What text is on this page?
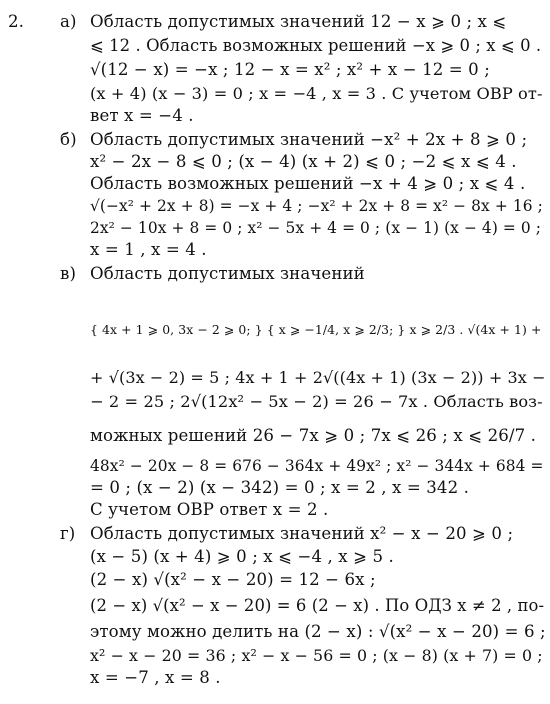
2. а) Область допустимых значений 12 − x ⩾ 0 ; x ⩽
⩽ 12 . Область возможных решений −x ⩾ 0 ; x ⩽ 0 .
√(12 − x) = −x ; 12 − x = x² ; x² + x − 12 = 0 ;
(x + 4) (x − 3) = 0 ; x = −4 , x = 3 . С учетом ОВР от-
вет x = −4 .
б) Область допустимых значений −x² + 2x + 8 ⩾ 0 ;
x² − 2x − 8 ⩽ 0 ; (x − 4) (x + 2) ⩽ 0 ; −2 ⩽ x ⩽ 4 .
Область возможных решений −x + 4 ⩾ 0 ; x ⩽ 4 .
√(−x² + 2x + 8) = −x + 4 ; −x² + 2x + 8 = x² − 8x + 16 ;
2x² − 10x + 8 = 0 ; x² − 5x + 4 = 0 ; (x − 1) (x − 4) = 0 ;
x = 1 , x = 4 .
в) Область допустимых значений
{ 4x + 1 ⩾ 0, 3x − 2 ⩾ 0; } { x ⩾ −1/4, x ⩾ 2/3; } x ⩾ 2/3 . √(4x + 1) +
+ √(3x − 2) = 5 ; 4x + 1 + 2√((4x + 1) (3x − 2)) + 3x −
− 2 = 25 ; 2√(12x² − 5x − 2) = 26 − 7x . Область воз-
можных решений 26 − 7x ⩾ 0 ; 7x ⩽ 26 ; x ⩽ 26/7 .
48x² − 20x − 8 = 676 − 364x + 49x² ; x² − 344x + 684 =
= 0 ; (x − 2) (x − 342) = 0 ; x = 2 , x = 342 .
С учетом ОВР ответ x = 2 .
г) Область допустимых значений x² − x − 20 ⩾ 0 ;
(x − 5) (x + 4) ⩾ 0 ; x ⩽ −4 , x ⩾ 5 .
(2 − x) √(x² − x − 20) = 12 − 6x ;
(2 − x) √(x² − x − 20) = 6 (2 − x) . По ОДЗ x ≠ 2 , по-
этому можно делить на (2 − x) : √(x² − x − 20) = 6 ;
x² − x − 20 = 36 ; x² − x − 56 = 0 ; (x − 8) (x + 7) = 0 ;
x = −7 , x = 8 .
